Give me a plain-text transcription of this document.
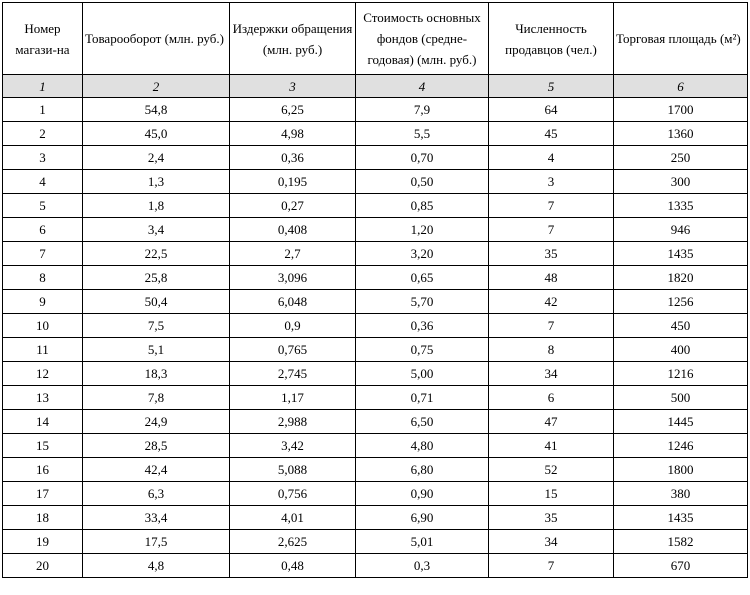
Номер магази-на	Товарооборот (млн. руб.)	Издержки обращения (млн. руб.)	Стоимость основных фондов (средне-годовая) (млн. руб.)	Численность продавцов (чел.)	Торговая площадь (м²)
1	2	3	4	5	6
1	54,8	6,25	7,9	64	1700
2	45,0	4,98	5,5	45	1360
3	2,4	0,36	0,70	4	250
4	1,3	0,195	0,50	3	300
5	1,8	0,27	0,85	7	1335
6	3,4	0,408	1,20	7	946
7	22,5	2,7	3,20	35	1435
8	25,8	3,096	0,65	48	1820
9	50,4	6,048	5,70	42	1256
10	7,5	0,9	0,36	7	450
11	5,1	0,765	0,75	8	400
12	18,3	2,745	5,00	34	1216
13	7,8	1,17	0,71	6	500
14	24,9	2,988	6,50	47	1445
15	28,5	3,42	4,80	41	1246
16	42,4	5,088	6,80	52	1800
17	6,3	0,756	0,90	15	380
18	33,4	4,01	6,90	35	1435
19	17,5	2,625	5,01	34	1582
20	4,8	0,48	0,3	7	670
